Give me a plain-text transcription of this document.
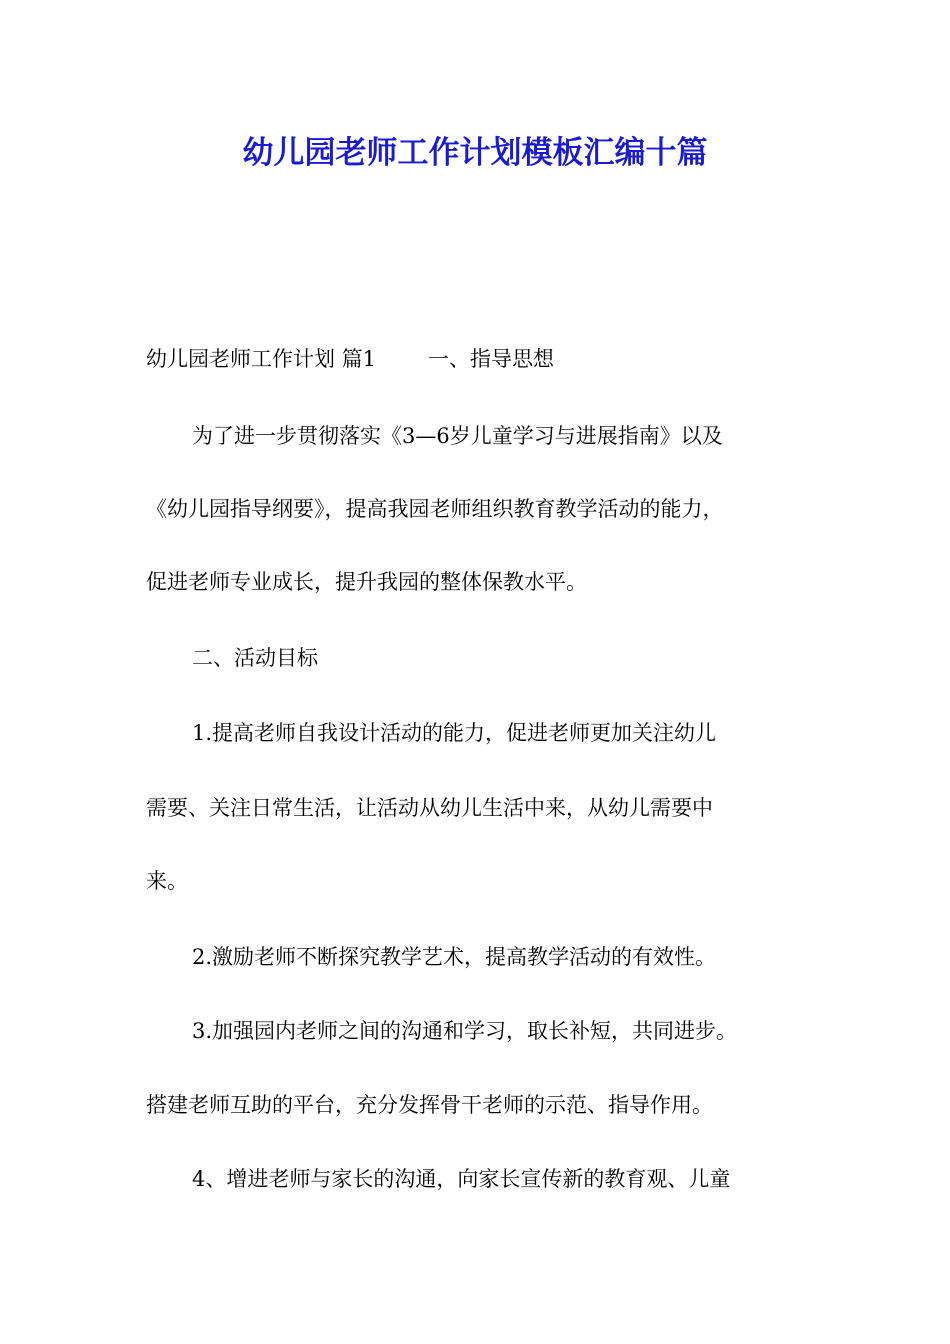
幼儿园老师工作计划模板汇编十篇
幼儿园老师工作计划 篇1 一、指导思想
为了进一步贯彻落实《3—6岁儿童学习与进展指南》以及
《幼儿园指导纲要》，提高我园老师组织教育教学活动的能力，
促进老师专业成长，提升我园的整体保教水平。
二、活动目标
1.提高老师自我设计活动的能力，促进老师更加关注幼儿
需要、关注日常生活，让活动从幼儿生活中来，从幼儿需要中
来。
2.激励老师不断探究教学艺术，提高教学活动的有效性。
3.加强园内老师之间的沟通和学习，取长补短，共同进步。
搭建老师互助的平台，充分发挥骨干老师的示范、指导作用。
4、增进老师与家长的沟通，向家长宣传新的教育观、儿童
